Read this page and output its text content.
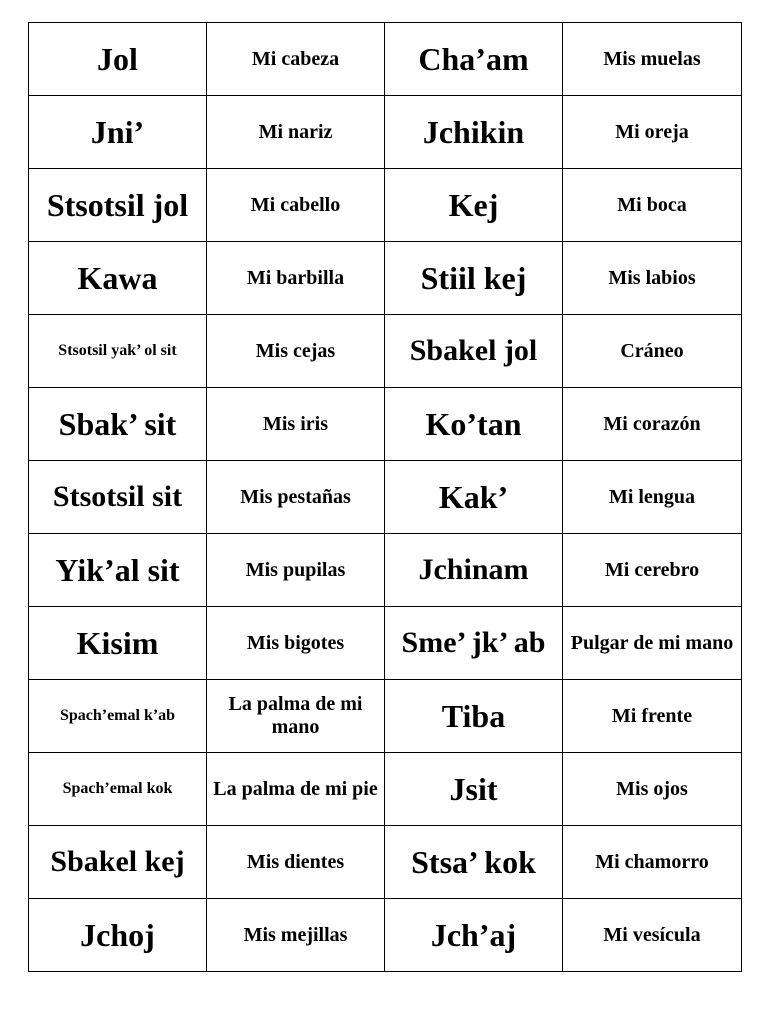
Jol	Mi cabeza	Cha’am	Mis muelas
Jni’	Mi nariz	Jchikin	Mi oreja
Stsotsil jol	Mi cabello	Kej	Mi boca
Kawa	Mi barbilla	Stiil kej	Mis labios
Stsotsil yak’ ol sit	Mis cejas	Sbakel jol	Cráneo
Sbak’ sit	Mis iris	Ko’tan	Mi corazón
Stsotsil sit	Mis pestañas	Kak’	Mi lengua
Yik’al sit	Mis pupilas	Jchinam	Mi cerebro
Kisim	Mis bigotes	Sme’ jk’ ab	Pulgar de mi mano
Spach’emal k’ab	La palma de mi mano	Tiba	Mi frente
Spach’emal kok	La palma de mi pie	Jsit	Mis ojos
Sbakel kej	Mis dientes	Stsa’ kok	Mi chamorro
Jchoj	Mis mejillas	Jch’aj	Mi vesícula
